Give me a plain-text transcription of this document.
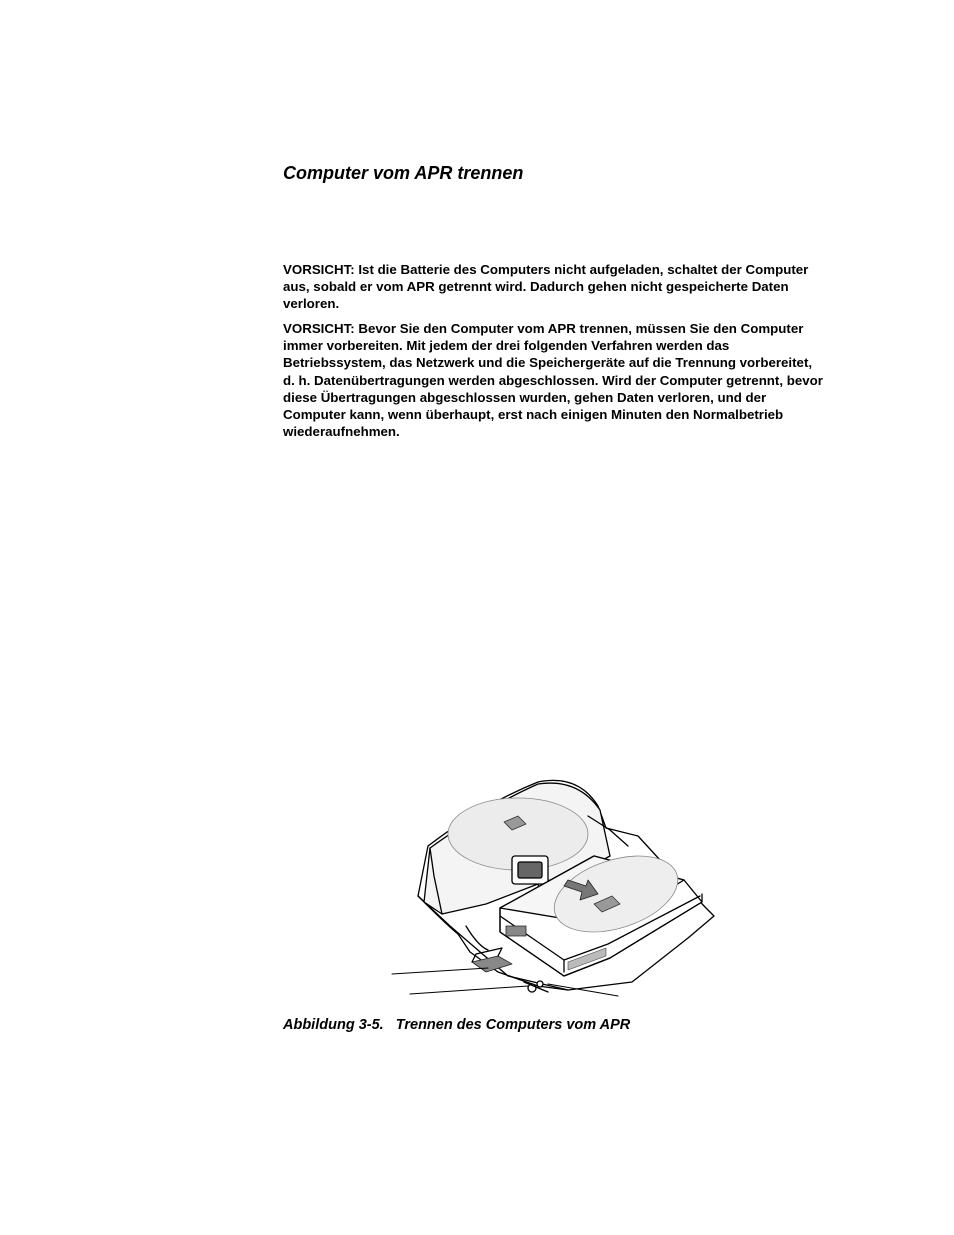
Computer vom APR trennen

VORSICHT: Ist die Batterie des Computers nicht aufgeladen, schaltet der Computer aus, sobald er vom APR getrennt wird. Dadurch gehen nicht gespeicherte Daten verloren.

VORSICHT: Bevor Sie den Computer vom APR trennen, müssen Sie den Computer immer vorbereiten. Mit jedem der drei folgenden Verfahren werden das Betriebssystem, das Netzwerk und die Speichergeräte auf die Trennung vorbereitet, d. h. Datenübertragungen werden abgeschlossen. Wird der Computer getrennt, bevor diese Übertragungen abgeschlossen wurden, gehen Daten verloren, und der Computer kann, wenn überhaupt, erst nach einigen Minuten den Normalbetrieb wiederaufnehmen.

Abbildung 3-5.   Trennen des Computers vom APR
